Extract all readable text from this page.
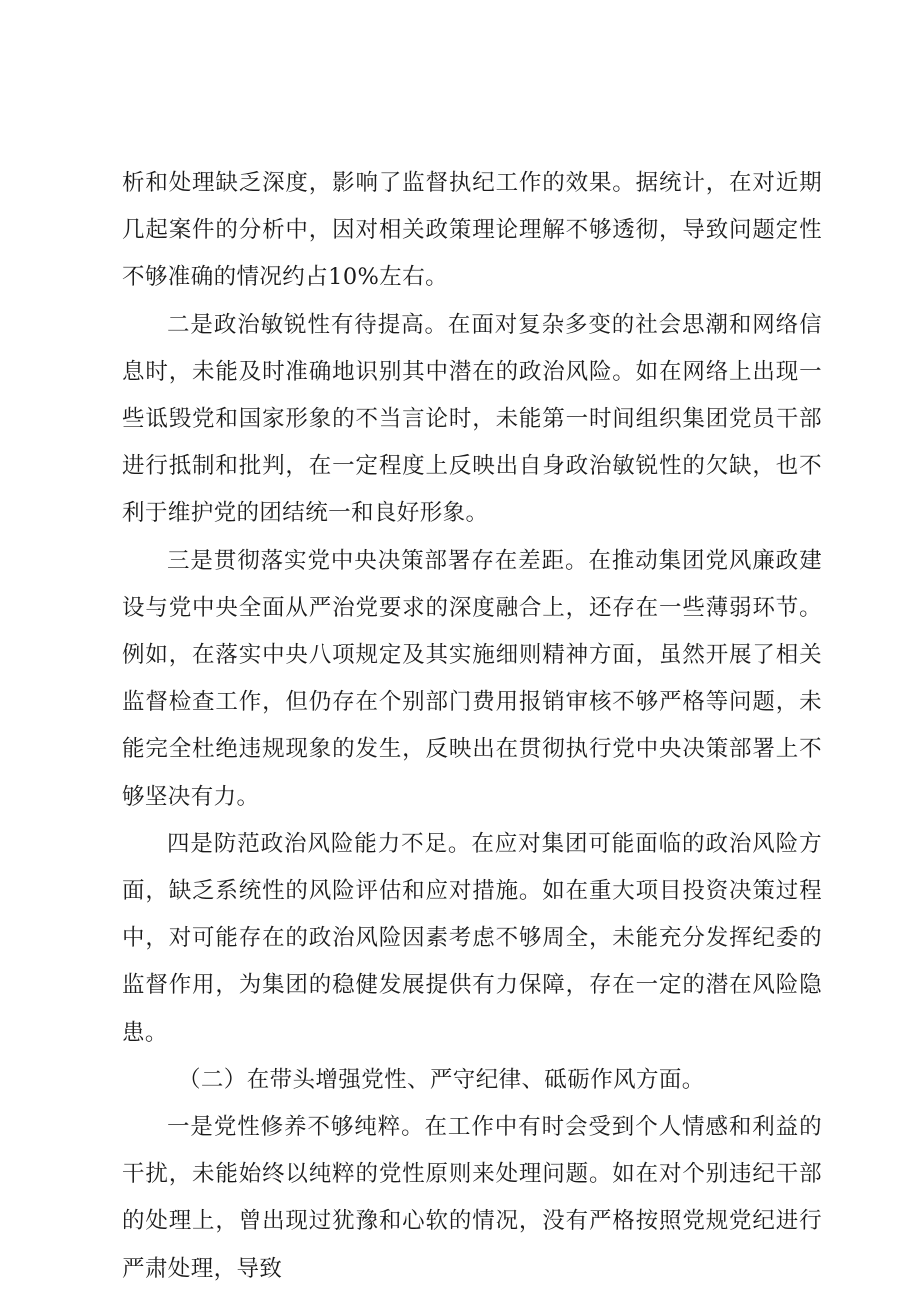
析和处理缺乏深度，影响了监督执纪工作的效果。据统计，在对近期几起案件的分析中，因对相关政策理论理解不够透彻，导致问题定性不够准确的情况约占10%左右。

二是政治敏锐性有待提高。在面对复杂多变的社会思潮和网络信息时，未能及时准确地识别其中潜在的政治风险。如在网络上出现一些诋毁党和国家形象的不当言论时，未能第一时间组织集团党员干部进行抵制和批判，在一定程度上反映出自身政治敏锐性的欠缺，也不利于维护党的团结统一和良好形象。

三是贯彻落实党中央决策部署存在差距。在推动集团党风廉政建设与党中央全面从严治党要求的深度融合上，还存在一些薄弱环节。例如，在落实中央八项规定及其实施细则精神方面，虽然开展了相关监督检查工作，但仍存在个别部门费用报销审核不够严格等问题，未能完全杜绝违规现象的发生，反映出在贯彻执行党中央决策部署上不够坚决有力。

四是防范政治风险能力不足。在应对集团可能面临的政治风险方面，缺乏系统性的风险评估和应对措施。如在重大项目投资决策过程中，对可能存在的政治风险因素考虑不够周全，未能充分发挥纪委的监督作用，为集团的稳健发展提供有力保障，存在一定的潜在风险隐患。

（二）在带头增强党性、严守纪律、砥砺作风方面。

一是党性修养不够纯粹。在工作中有时会受到个人情感和利益的干扰，未能始终以纯粹的党性原则来处理问题。如在对个别违纪干部的处理上，曾出现过犹豫和心软的情况，没有严格按照党规党纪进行严肃处理，导致
